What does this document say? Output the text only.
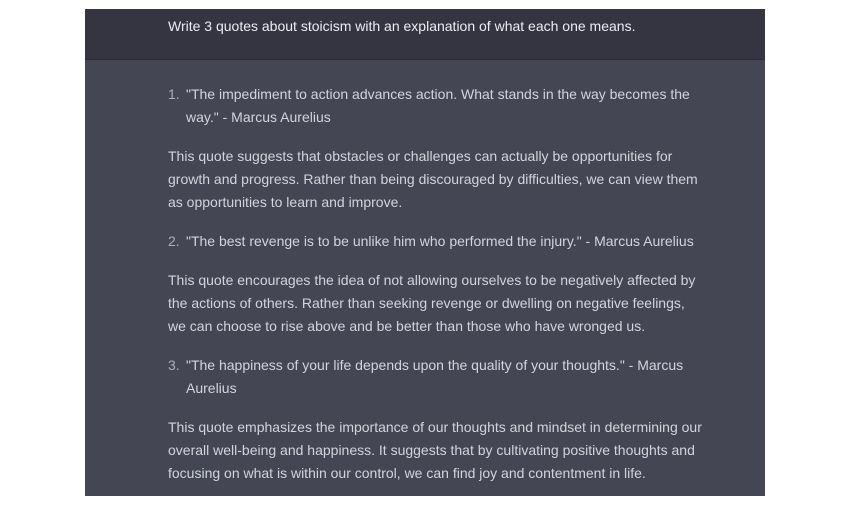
Write 3 quotes about stoicism with an explanation of what each one means.
1. "The impediment to action advances action. What stands in the way becomes the way." - Marcus Aurelius

This quote suggests that obstacles or challenges can actually be opportunities for growth and progress. Rather than being discouraged by difficulties, we can view them as opportunities to learn and improve.

2. "The best revenge is to be unlike him who performed the injury." - Marcus Aurelius

This quote encourages the idea of not allowing ourselves to be negatively affected by the actions of others. Rather than seeking revenge or dwelling on negative feelings, we can choose to rise above and be better than those who have wronged us.

3. "The happiness of your life depends upon the quality of your thoughts." - Marcus Aurelius

This quote emphasizes the importance of our thoughts and mindset in determining our overall well-being and happiness. It suggests that by cultivating positive thoughts and focusing on what is within our control, we can find joy and contentment in life.
